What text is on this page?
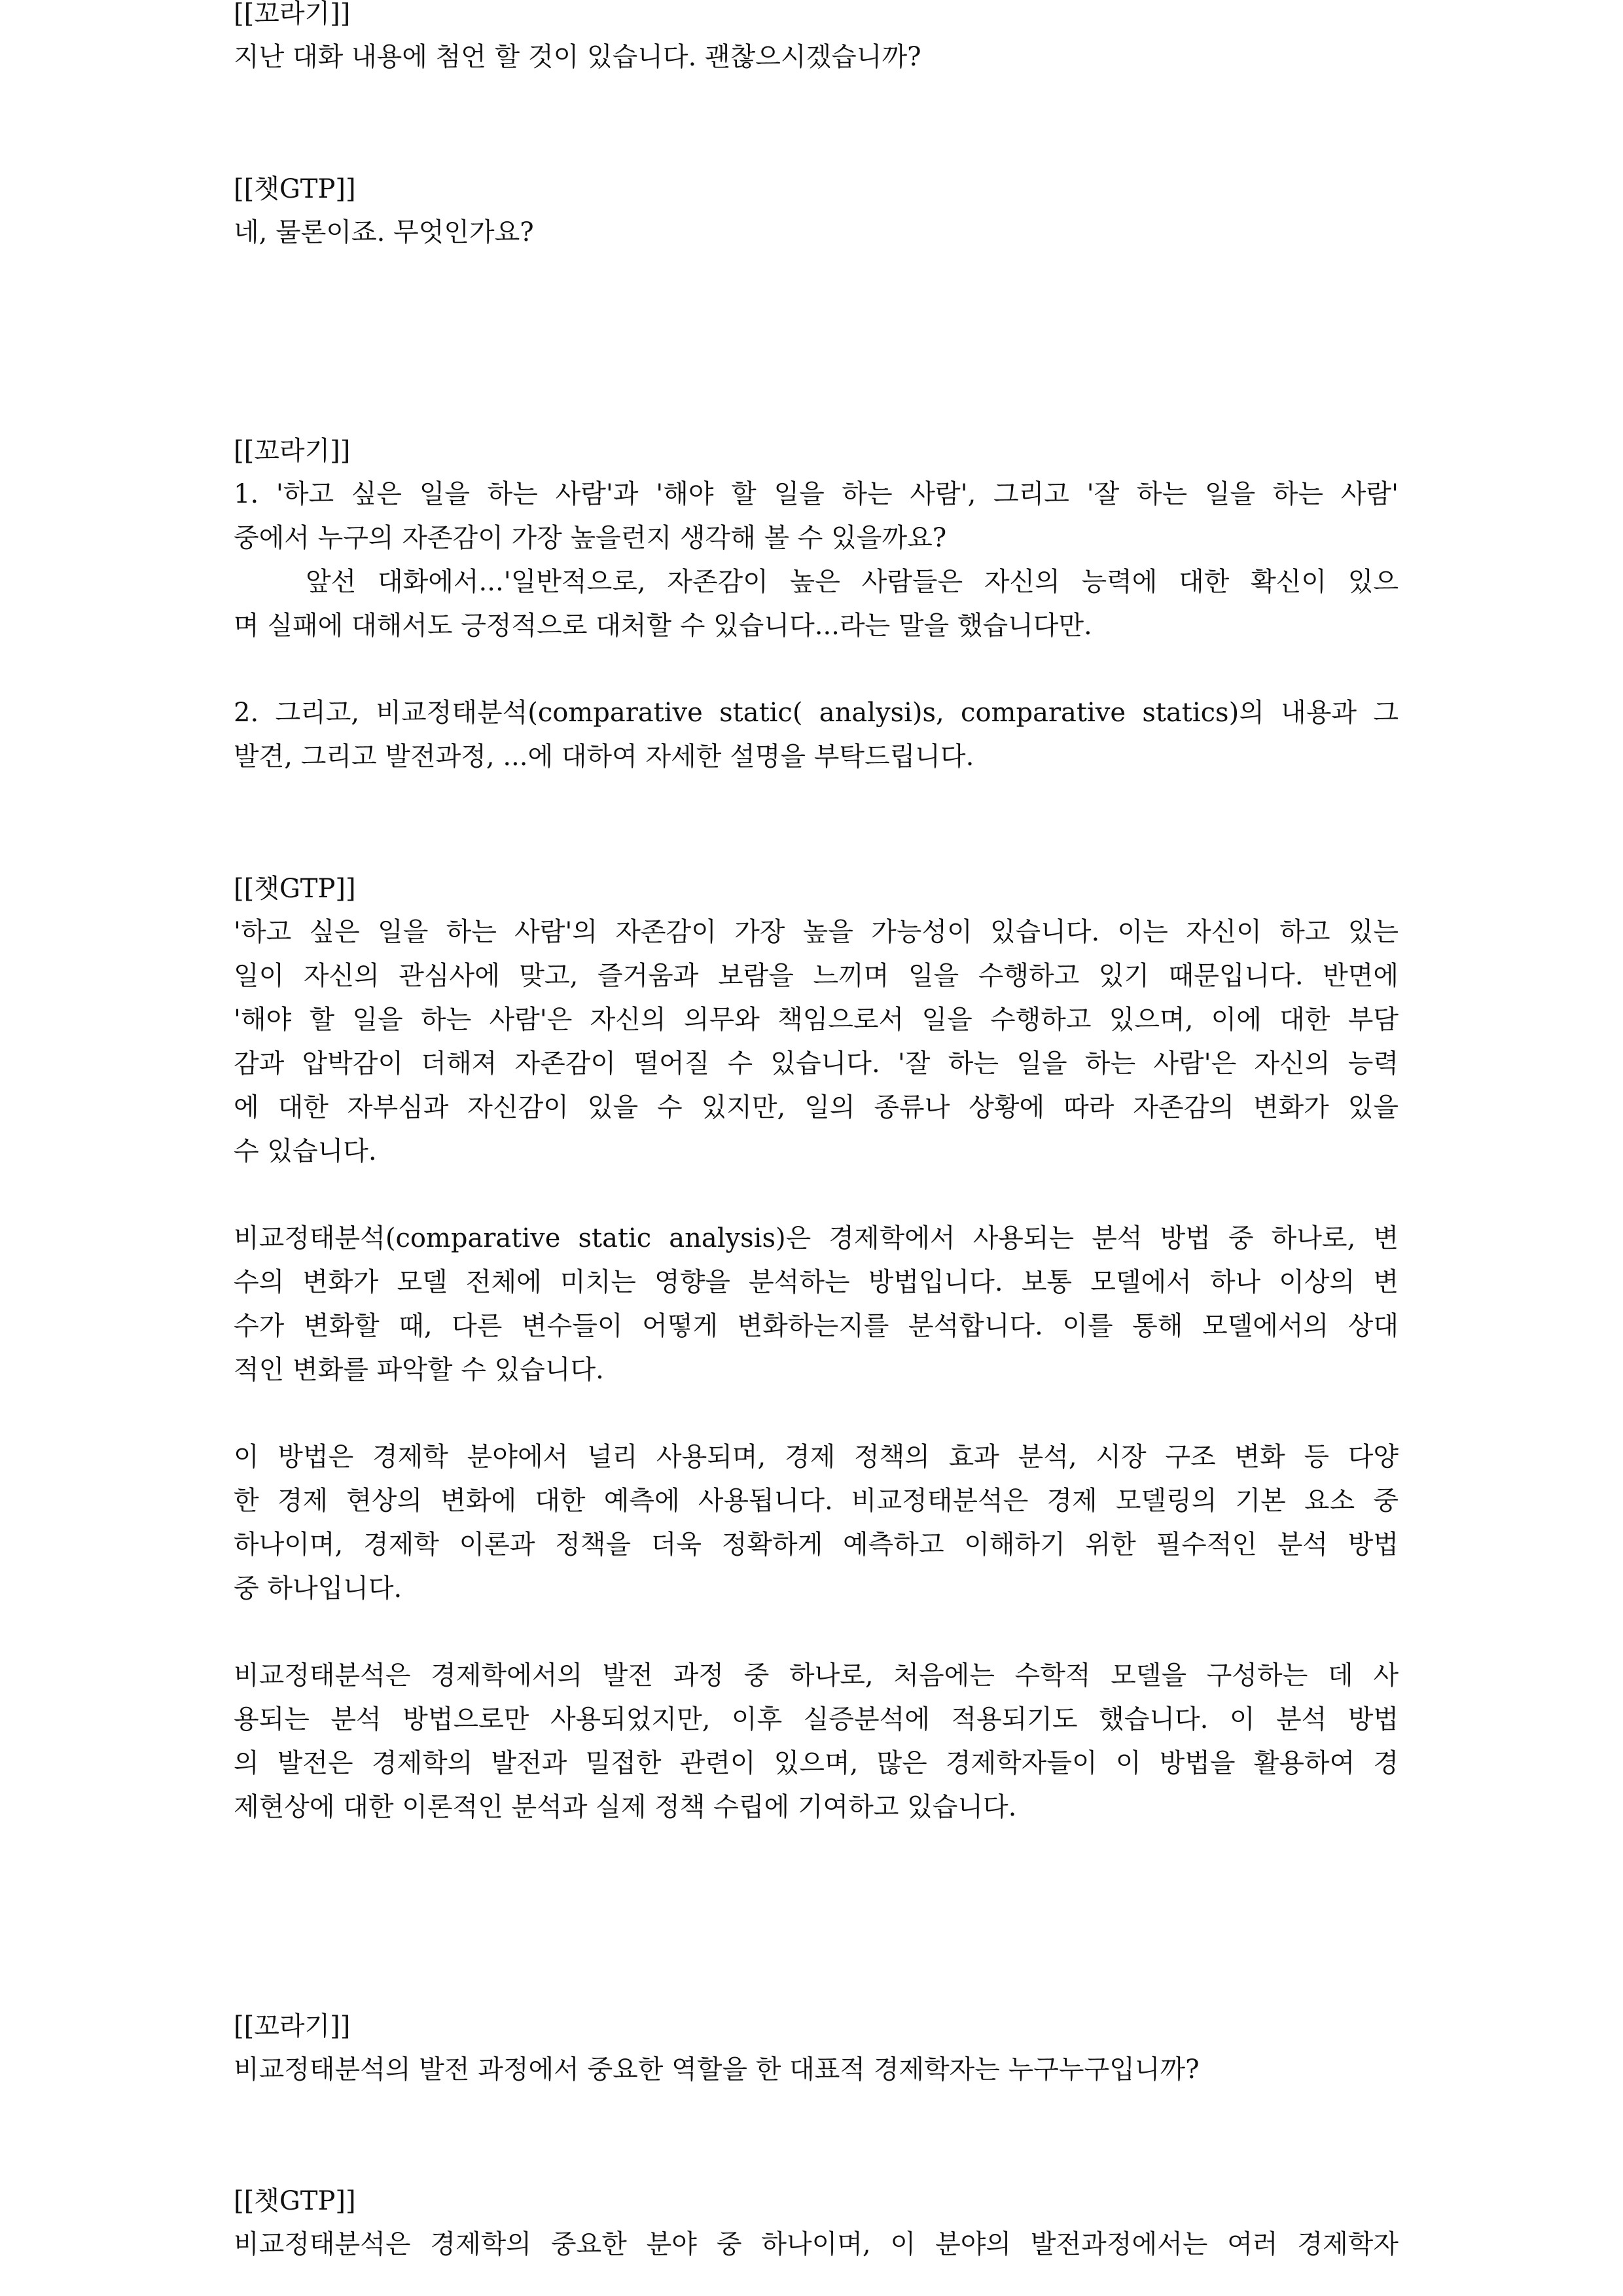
[[꼬라기]]
지난 대화 내용에 첨언 할 것이 있습니다. 괜찮으시겠습니까?
[[챗GTP]]
네, 물론이죠. 무엇인가요?
[[꼬라기]]
1. '하고 싶은 일을 하는 사람'과 '해야 할 일을 하는 사람', 그리고 '잘 하는 일을 하는 사람'
중에서 누구의 자존감이 가장 높을런지 생각해 볼 수 있을까요?
앞선 대화에서...'일반적으로, 자존감이 높은 사람들은 자신의 능력에 대한 확신이 있으
며 실패에 대해서도 긍정적으로 대처할 수 있습니다...라는 말을 했습니다만.
2. 그리고, 비교정태분석(comparative static( analysi)s, comparative statics)의 내용과 그
발견, 그리고 발전과정, ...에 대하여 자세한 설명을 부탁드립니다.
[[챗GTP]]
'하고 싶은 일을 하는 사람'의 자존감이 가장 높을 가능성이 있습니다. 이는 자신이 하고 있는
일이 자신의 관심사에 맞고, 즐거움과 보람을 느끼며 일을 수행하고 있기 때문입니다. 반면에
'해야 할 일을 하는 사람'은 자신의 의무와 책임으로서 일을 수행하고 있으며, 이에 대한 부담
감과 압박감이 더해져 자존감이 떨어질 수 있습니다. '잘 하는 일을 하는 사람'은 자신의 능력
에 대한 자부심과 자신감이 있을 수 있지만, 일의 종류나 상황에 따라 자존감의 변화가 있을
수 있습니다.
비교정태분석(comparative static analysis)은 경제학에서 사용되는 분석 방법 중 하나로, 변
수의 변화가 모델 전체에 미치는 영향을 분석하는 방법입니다. 보통 모델에서 하나 이상의 변
수가 변화할 때, 다른 변수들이 어떻게 변화하는지를 분석합니다. 이를 통해 모델에서의 상대
적인 변화를 파악할 수 있습니다.
이 방법은 경제학 분야에서 널리 사용되며, 경제 정책의 효과 분석, 시장 구조 변화 등 다양
한 경제 현상의 변화에 대한 예측에 사용됩니다. 비교정태분석은 경제 모델링의 기본 요소 중
하나이며, 경제학 이론과 정책을 더욱 정확하게 예측하고 이해하기 위한 필수적인 분석 방법
중 하나입니다.
비교정태분석은 경제학에서의 발전 과정 중 하나로, 처음에는 수학적 모델을 구성하는 데 사
용되는 분석 방법으로만 사용되었지만, 이후 실증분석에 적용되기도 했습니다. 이 분석 방법
의 발전은 경제학의 발전과 밀접한 관련이 있으며, 많은 경제학자들이 이 방법을 활용하여 경
제현상에 대한 이론적인 분석과 실제 정책 수립에 기여하고 있습니다.
[[꼬라기]]
비교정태분석의 발전 과정에서 중요한 역할을 한 대표적 경제학자는 누구누구입니까?
[[챗GTP]]
비교정태분석은 경제학의 중요한 분야 중 하나이며, 이 분야의 발전과정에서는 여러 경제학자
